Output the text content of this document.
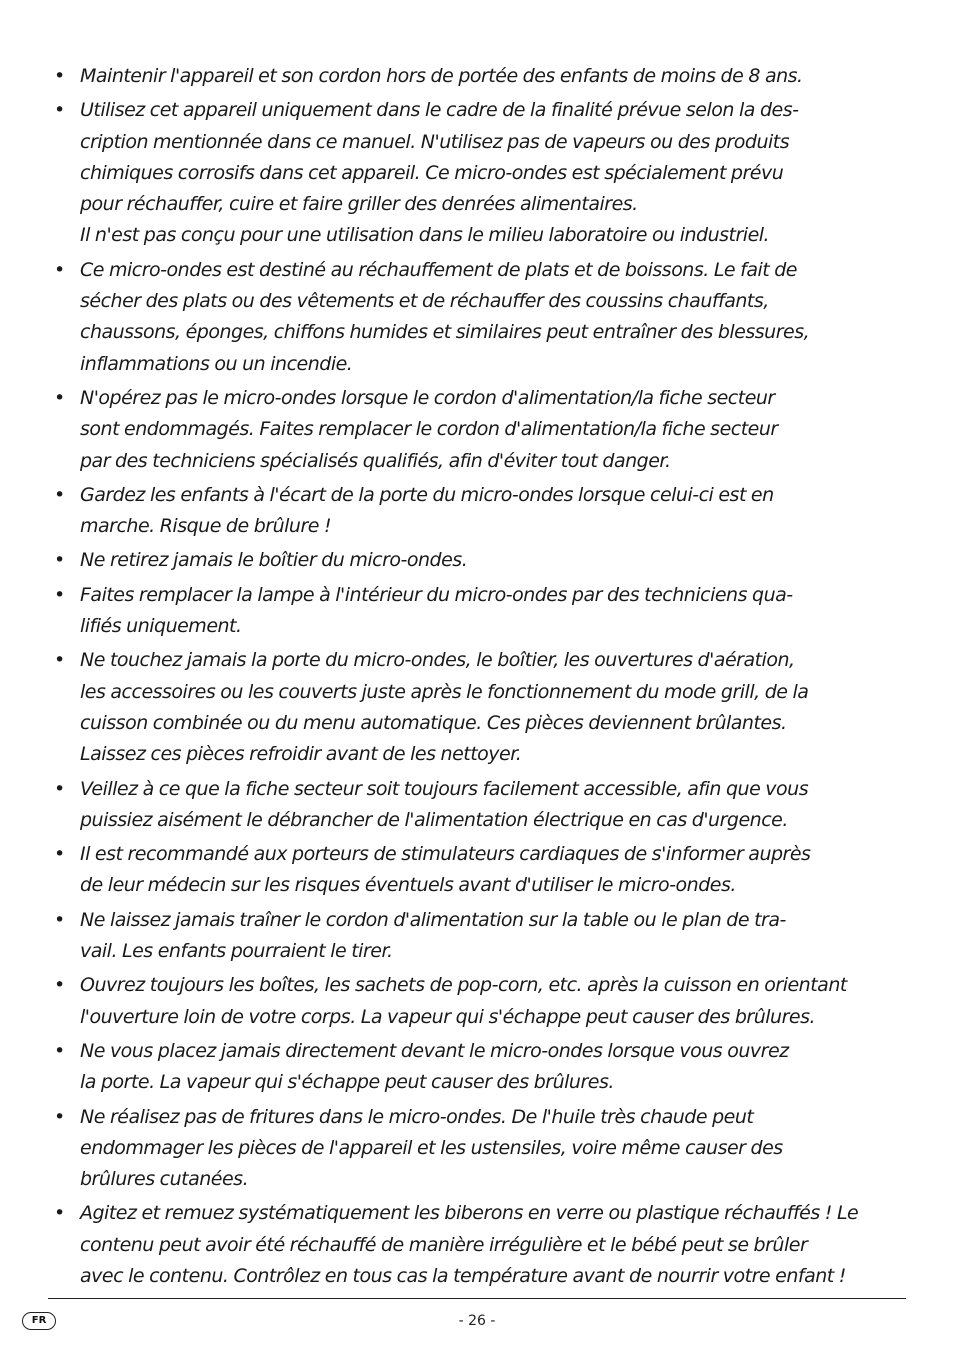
• Maintenir l'appareil et son cordon hors de portée des enfants de moins de 8 ans.
• Utilisez cet appareil uniquement dans le cadre de la finalité prévue selon la des-
cription mentionnée dans ce manuel. N'utilisez pas de vapeurs ou des produits
chimiques corrosifs dans cet appareil. Ce micro-ondes est spécialement prévu
pour réchauffer, cuire et faire griller des denrées alimentaires.
Il n'est pas conçu pour une utilisation dans le milieu laboratoire ou industriel.
• Ce micro-ondes est destiné au réchauffement de plats et de boissons. Le fait de
sécher des plats ou des vêtements et de réchauffer des coussins chauffants,
chaussons, éponges, chiffons humides et similaires peut entraîner des blessures,
inflammations ou un incendie.
• N'opérez pas le micro-ondes lorsque le cordon d'alimentation/la fiche secteur
sont endommagés. Faites remplacer le cordon d'alimentation/la fiche secteur
par des techniciens spécialisés qualifiés, afin d'éviter tout danger.
• Gardez les enfants à l'écart de la porte du micro-ondes lorsque celui-ci est en
marche. Risque de brûlure !
• Ne retirez jamais le boîtier du micro-ondes.
• Faites remplacer la lampe à l'intérieur du micro-ondes par des techniciens qua-
lifiés uniquement.
• Ne touchez jamais la porte du micro-ondes, le boîtier, les ouvertures d'aération,
les accessoires ou les couverts juste après le fonctionnement du mode grill, de la
cuisson combinée ou du menu automatique. Ces pièces deviennent brûlantes.
Laissez ces pièces refroidir avant de les nettoyer.
• Veillez à ce que la fiche secteur soit toujours facilement accessible, afin que vous
puissiez aisément le débrancher de l'alimentation électrique en cas d'urgence.
• Il est recommandé aux porteurs de stimulateurs cardiaques de s'informer auprès
de leur médecin sur les risques éventuels avant d'utiliser le micro-ondes.
• Ne laissez jamais traîner le cordon d'alimentation sur la table ou le plan de tra-
vail. Les enfants pourraient le tirer.
• Ouvrez toujours les boîtes, les sachets de pop-corn, etc. après la cuisson en orientant
l'ouverture loin de votre corps. La vapeur qui s'échappe peut causer des brûlures.
• Ne vous placez jamais directement devant le micro-ondes lorsque vous ouvrez
la porte. La vapeur qui s'échappe peut causer des brûlures.
• Ne réalisez pas de fritures dans le micro-ondes. De l'huile très chaude peut
endommager les pièces de l'appareil et les ustensiles, voire même causer des
brûlures cutanées.
• Agitez et remuez systématiquement les biberons en verre ou plastique réchauffés ! Le
contenu peut avoir été réchauffé de manière irrégulière et le bébé peut se brûler
avec le contenu. Contrôlez en tous cas la température avant de nourrir votre enfant !
FR	- 26 -
